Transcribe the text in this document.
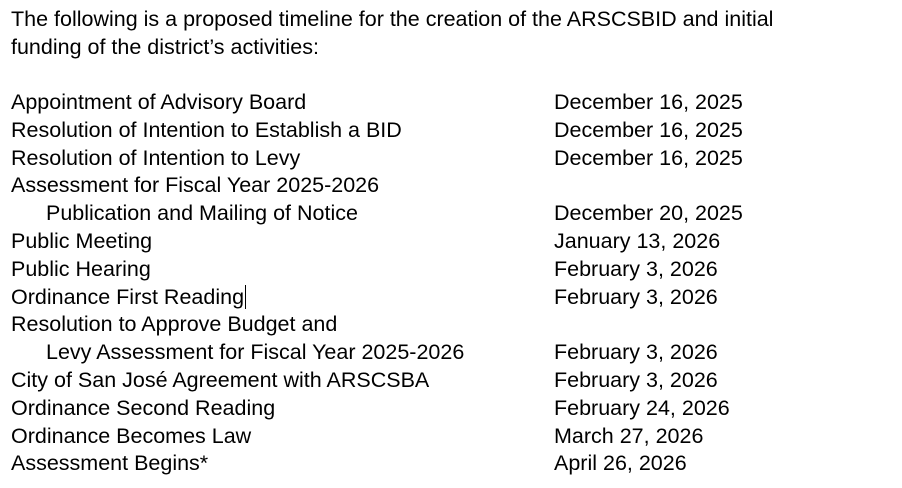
The following is a proposed timeline for the creation of the ARSCSBID and initial
funding of the district’s activities:
Appointment of Advisory Board	December 16, 2025
Resolution of Intention to Establish a BID	December 16, 2025
Resolution of Intention to Levy	December 16, 2025
Assessment for Fiscal Year 2025-2026
Publication and Mailing of Notice	December 20, 2025
Public Meeting	January 13, 2026
Public Hearing	February 3, 2026
Ordinance First Reading	February 3, 2026
Resolution to Approve Budget and
Levy Assessment for Fiscal Year 2025-2026	February 3, 2026
City of San José Agreement with ARSCSBA	February 3, 2026
Ordinance Second Reading	February 24, 2026
Ordinance Becomes Law	March 27, 2026
Assessment Begins*	April 26, 2026
